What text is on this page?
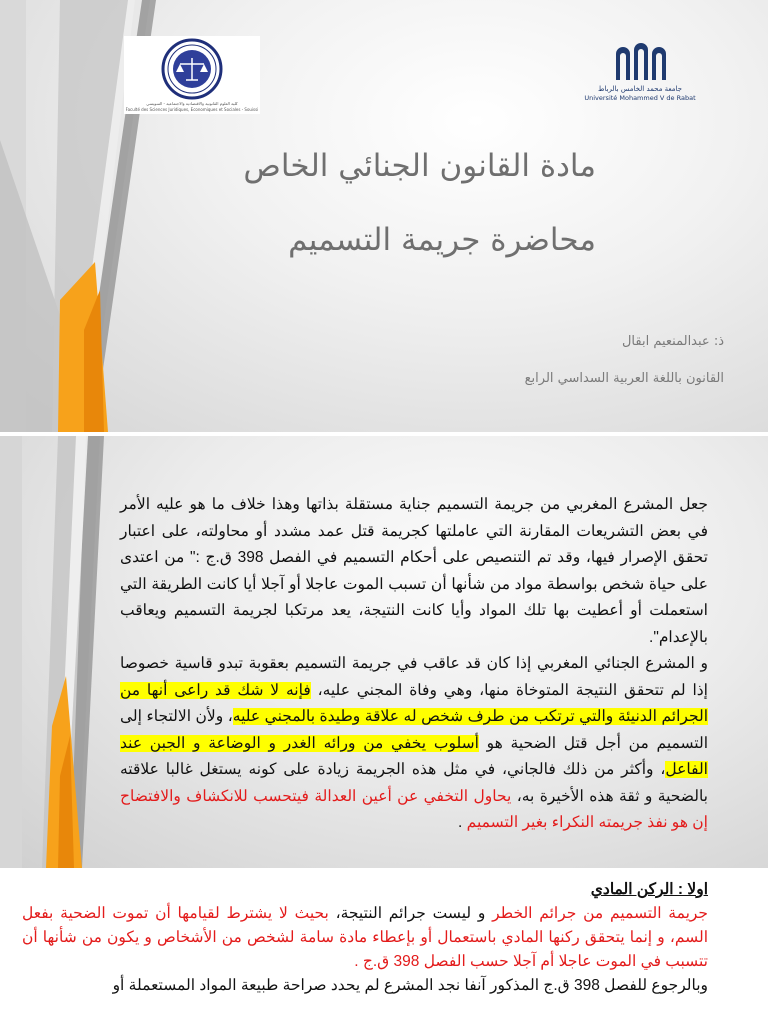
كلية العلوم القانونية والاقتصادية والاجتماعية - السويسي
Faculté des Sciences Juridiques, Economiques et Sociales - Souissi
جامعة محمد الخامس بالرباط
Université Mohammed V de Rabat
مادة القانون الجنائي الخاص
محاضرة جريمة التسميم
ذ: عبدالمنعيم ابقال
القانون باللغة العربية السداسي الرابع
جعل المشرع المغربي من جريمة التسميم جناية مستقلة بذاتها وهذا خلاف ما هو عليه الأمر في بعض التشريعات المقارنة التي عاملتها كجريمة قتل عمد مشدد أو محاولته، على اعتبار تحقق الإصرار فيها، وقد تم التنصيص على أحكام التسميم في الفصل 398 ق.ج :" من اعتدى على حياة شخص بواسطة مواد من شأنها أن تسبب الموت عاجلا أو آجلا أيا كانت الطريقة التي استعملت أو أعطيت بها تلك المواد وأيا كانت النتيجة، يعد مرتكبا لجريمة التسميم ويعاقب بالإعدام".
و المشرع الجنائي المغربي إذا كان قد عاقب في جريمة التسميم بعقوبة تبدو قاسية خصوصا إذا لم تتحقق النتيجة المتوخاة منها، وهي وفاة المجني عليه، فإنه لا شك قد راعى أنها من الجرائم الدنيئة والتي ترتكب من طرف شخص له علاقة وطيدة بالمجني عليه، ولأن الالتجاء إلى التسميم من أجل قتل الضحية هو أسلوب يخفي من ورائه الغدر و الوضاعة و الجبن عند الفاعل، وأكثر من ذلك فالجاني، في مثل هذه الجريمة زيادة على كونه يستغل غالبا علاقته بالضحية و ثقة هذه الأخيرة به، يحاول التخفي عن أعين العدالة فيتحسب للانكشاف والافتضاح إن هو نفذ جريمته النكراء بغير التسميم .
اولا : الركن المادي
جريمة التسميم من جرائم الخطر و ليست جرائم النتيجة، بحيث لا يشترط لقيامها أن تموت الضحية بفعل السم، و إنما يتحقق ركنها المادي باستعمال أو بإعطاء مادة سامة لشخص من الأشخاص و يكون من شأنها أن تتسبب في الموت عاجلا أم آجلا حسب الفصل 398 ق.ج .
وبالرجوع للفصل 398 ق.ج المذكور آنفا نجد المشرع لم يحدد صراحة طبيعة المواد المستعملة أو
